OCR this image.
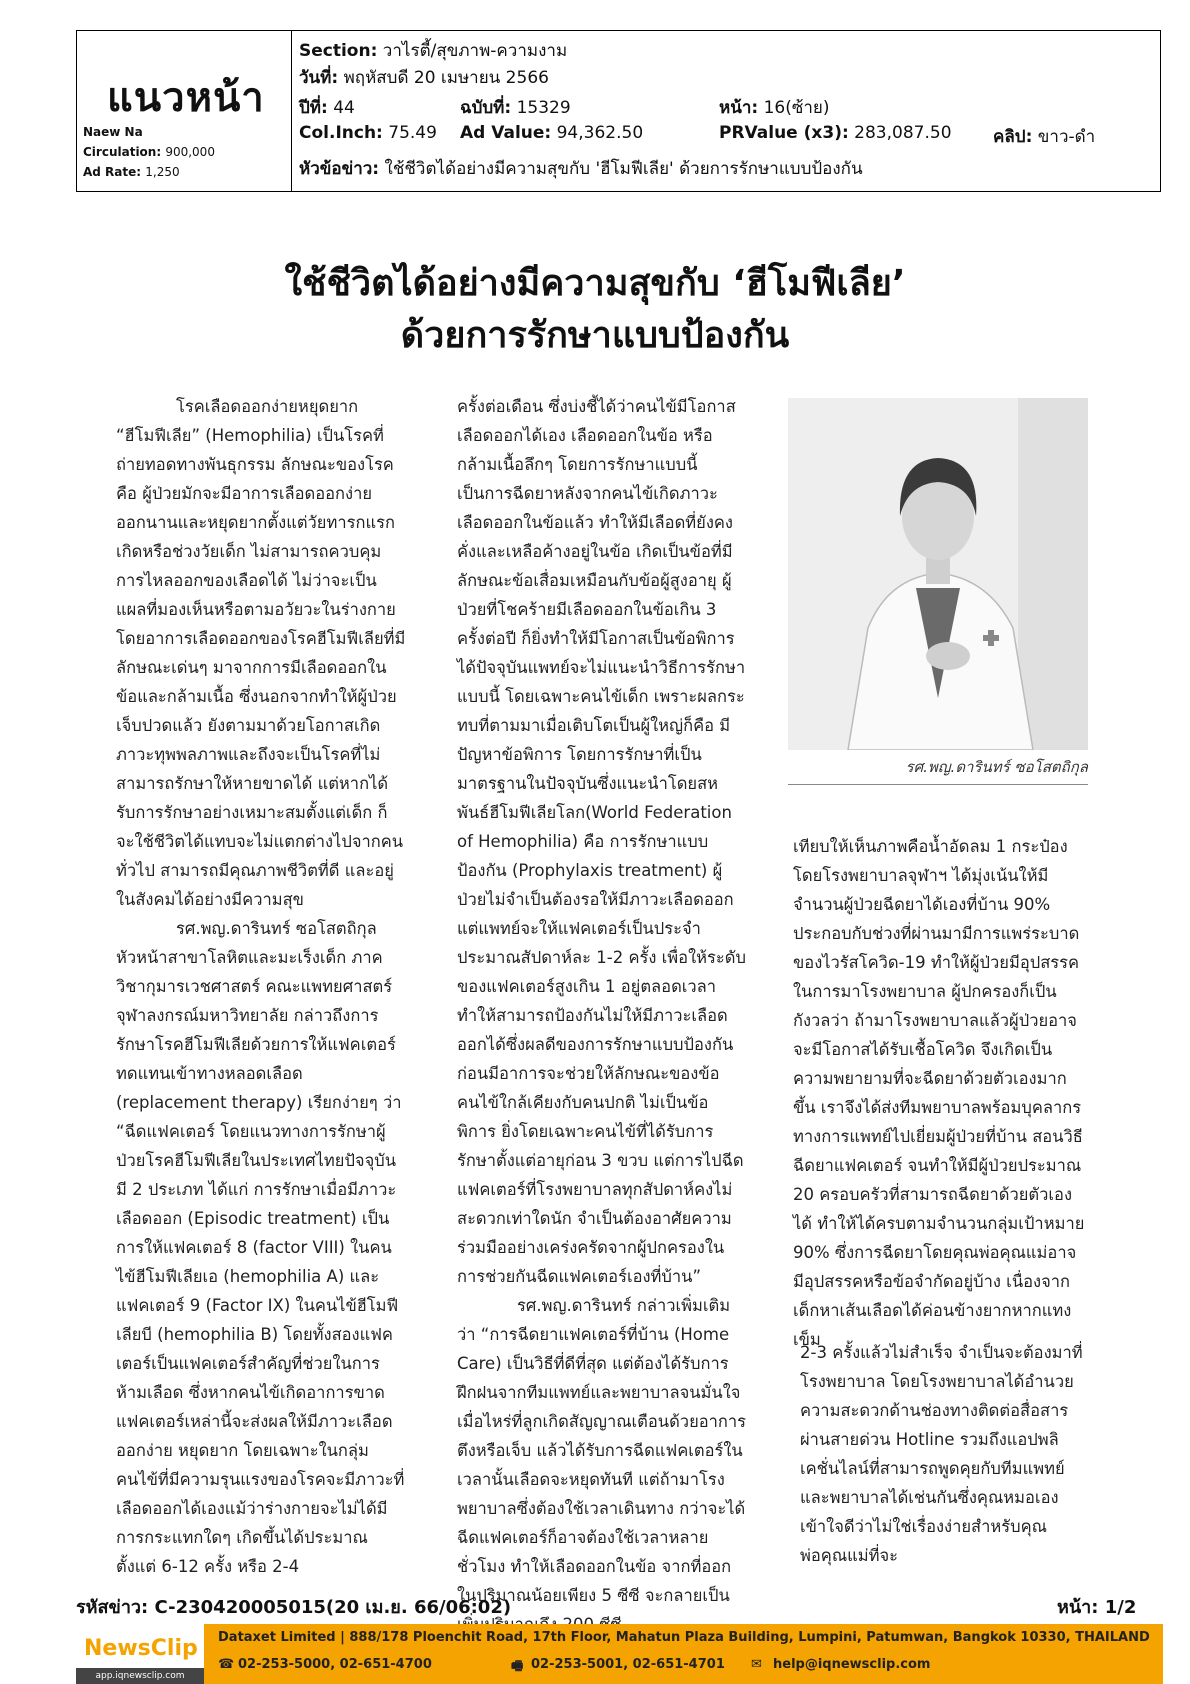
แนวหน้า
Naew Na
Circulation: 900,000
Ad Rate: 1,250
Section: วาไรตี้/สุขภาพ-ความงาม
วันที่: พฤหัสบดี 20 เมษายน 2566
ปีที่: 44	ฉบับที่: 15329	หน้า: 16(ซ้าย)
Col.Inch: 75.49 Ad Value: 94,362.50	PRValue (x3): 283,087.50 คลิป: ขาว-ดำ
หัวข้อข่าว: ใช้ชีวิตได้อย่างมีความสุขกับ 'ฮีโมฟีเลีย' ด้วยการรักษาแบบป้องกัน
ใช้ชีวิตได้อย่างมีความสุขกับ ‘ฮีโมฟีเลีย’
ด้วยการรักษาแบบป้องกัน

โรคเลือดออกง่ายหยุดยาก

“ฮีโมฟีเลีย” (Hemophilia) เป็นโรคที่ถ่ายทอดทางพันธุกรรม ลักษณะของโรคคือ ผู้ป่วยมักจะมีอาการเลือดออกง่าย ออกนานและหยุดยากตั้งแต่วัยทารกแรกเกิดหรือช่วงวัยเด็ก ไม่สามารถควบคุมการไหลออกของเลือดได้ ไม่ว่าจะเป็นแผลที่มองเห็นหรือตามอวัยวะในร่างกาย โดยอาการเลือดออกของโรคฮีโมฟีเลียที่มีลักษณะเด่นๆ มาจากการมีเลือดออกในข้อและกล้ามเนื้อ ซึ่งนอกจากทำให้ผู้ป่วยเจ็บปวดแล้ว ยังตามมาด้วยโอกาสเกิดภาวะทุพพลภาพและถึงจะเป็นโรคที่ไม่สามารถรักษาให้หายขาดได้ แต่หากได้รับการรักษาอย่างเหมาะสมตั้งแต่เด็ก ก็จะใช้ชีวิตได้แทบจะไม่แตกต่างไปจากคนทั่วไป สามารถมีคุณภาพชีวิตที่ดี และอยู่ในสังคมได้อย่างมีความสุข

รศ.พญ.ดารินทร์ ซอโสตถิกุล หัวหน้าสาขาโลหิตและมะเร็งเด็ก ภาควิชากุมารเวชศาสตร์ คณะแพทยศาสตร์ จุฬาลงกรณ์มหาวิทยาลัย กล่าวถึงการรักษาโรคฮีโมฟีเลียด้วยการให้แฟคเตอร์ทดแทนเข้าทางหลอดเลือด (replacement therapy) เรียกง่ายๆ ว่า “ฉีดแฟคเตอร์ โดยแนวทางการรักษาผู้ป่วยโรคฮีโมฟีเลียในประเทศไทยปัจจุบันมี 2 ประเภท ได้แก่ การรักษาเมื่อมีภาวะเลือดออก (Episodic treatment) เป็นการให้แฟคเตอร์ 8 (factor VIII) ในคนไข้ฮีโมฟีเลียเอ (hemophilia A) และแฟคเตอร์ 9 (Factor IX) ในคนไข้ฮีโมฟีเลียบี (hemophilia B) โดยทั้งสองแฟคเตอร์เป็นแฟคเตอร์สำคัญที่ช่วยในการห้ามเลือด ซึ่งหากคนไข้เกิดอาการขาดแฟคเตอร์เหล่านี้จะส่งผลให้มีภาวะเลือดออกง่าย หยุดยาก โดยเฉพาะในกลุ่มคนไข้ที่มีความรุนแรงของโรคจะมีภาวะที่เลือดออกได้เองแม้ว่าร่างกายจะไม่ได้มีการกระแทกใดๆ เกิดขึ้นได้ประมาณตั้งแต่ 6-12 ครั้ง หรือ 2-4

ครั้งต่อเดือน ซึ่งบ่งชี้ได้ว่าคนไข้มีโอกาสเลือดออกได้เอง เลือดออกในข้อ หรือกล้ามเนื้อลึกๆ โดยการรักษาแบบนี้เป็นการฉีดยาหลังจากคนไข้เกิดภาวะเลือดออกในข้อแล้ว ทำให้มีเลือดที่ยังคงคั่งและเหลือค้างอยู่ในข้อ เกิดเป็นข้อที่มีลักษณะข้อเสื่อมเหมือนกับข้อผู้สูงอายุ ผู้ป่วยที่โชคร้ายมีเลือดออกในข้อเกิน 3 ครั้งต่อปี ก็ยิ่งทำให้มีโอกาสเป็นข้อพิการได้ปัจจุบันแพทย์จะไม่แนะนำวิธีการรักษาแบบนี้ โดยเฉพาะคนไข้เด็ก เพราะผลกระทบที่ตามมาเมื่อเติบโตเป็นผู้ใหญ่ก็คือ มีปัญหาข้อพิการ โดยการรักษาที่เป็นมาตรฐานในปัจจุบันซึ่งแนะนำโดยสหพันธ์ฮีโมฟีเลียโลก(World Federation of Hemophilia) คือ การรักษาแบบป้องกัน (Prophylaxis treatment) ผู้ป่วยไม่จำเป็นต้องรอให้มีภาวะเลือดออก แต่แพทย์จะให้แฟคเตอร์เป็นประจำ ประมาณสัปดาห์ละ 1-2 ครั้ง เพื่อให้ระดับของแฟคเตอร์สูงเกิน 1 อยู่ตลอดเวลา ทำให้สามารถป้องกันไม่ให้มีภาวะเลือดออกได้ซึ่งผลดีของการรักษาแบบป้องกันก่อนมีอาการจะช่วยให้ลักษณะของข้อคนไข้ใกล้เคียงกับคนปกติ ไม่เป็นข้อพิการ ยิ่งโดยเฉพาะคนไข้ที่ได้รับการรักษาตั้งแต่อายุก่อน 3 ขวบ แต่การไปฉีดแฟคเตอร์ที่โรงพยาบาลทุกสัปดาห์คงไม่สะดวกเท่าใดนัก จำเป็นต้องอาศัยความร่วมมืออย่างเคร่งครัดจากผู้ปกครองในการช่วยกันฉีดแฟคเตอร์เองที่บ้าน”

รศ.พญ.ดารินทร์ กล่าวเพิ่มเติมว่า “การฉีดยาแฟคเตอร์ที่บ้าน (Home Care) เป็นวิธีที่ดีที่สุด แต่ต้องได้รับการฝึกฝนจากทีมแพทย์และพยาบาลจนมั่นใจ เมื่อไหร่ที่ลูกเกิดสัญญาณเตือนด้วยอาการตึงหรือเจ็บ แล้วได้รับการฉีดแฟคเตอร์ในเวลานั้นเลือดจะหยุดทันที แต่ถ้ามาโรงพยาบาลซึ่งต้องใช้เวลาเดินทาง กว่าจะได้ฉีดแฟคเตอร์ก็อาจต้องใช้เวลาหลายชั่วโมง ทำให้เลือดออกในข้อ จากที่ออกในปริมาณน้อยเพียง 5 ซีซี จะกลายเป็น

รศ.พญ.ดารินทร์ ซอโสตถิกุล

เทียบให้เห็นภาพคือน้ำอัดลม 1 กระป๋อง โดยโรงพยาบาลจุฬาฯ ได้มุ่งเน้นให้มีจำนวนผู้ป่วยฉีดยาได้เองที่บ้าน 90% ประกอบกับช่วงที่ผ่านมามีการแพร่ระบาดของไวรัสโควิด-19 ทำให้ผู้ป่วยมีอุปสรรคในการมาโรงพยาบาล ผู้ปกครองก็เป็นกังวลว่า ถ้ามาโรงพยาบาลแล้วผู้ป่วยอาจจะมีโอกาสได้รับเชื้อโควิด จึงเกิดเป็นความพยายามที่จะฉีดยาด้วยตัวเองมากขึ้น เราจึงได้ส่งทีมพยาบาลพร้อมบุคลากรทางการแพทย์ไปเยี่ยมผู้ป่วยที่บ้าน สอนวิธีฉีดยาแฟคเตอร์ จนทำให้มีผู้ป่วยประมาณ 20 ครอบครัวที่สามารถฉีดยาด้วยตัวเองได้ ทำให้ได้ครบตามจำนวนกลุ่มเป้าหมาย 90% ซึ่งการฉีดยาโดยคุณพ่อคุณแม่อาจมีอุปสรรคหรือข้อจำกัดอยู่บ้าง เนื่องจากเด็กหาเส้นเลือดได้ค่อนข้างยากหากแทงเข็ม

2-3 ครั้งแล้วไม่สำเร็จ จำเป็นจะต้องมาที่โรงพยาบาล โดยโรงพยาบาลได้อำนวยความสะดวกด้านช่องทางติดต่อสื่อสารผ่านสายด่วน Hotline รวมถึงแอปพลิเคชั่นไลน์ที่สามารถพูดคุยกับทีมแพทย์และพยาบาลได้เช่นกันซึ่งคุณหมอเองเข้าใจดีว่าไม่ใช่เรื่องง่ายสำหรับคุณพ่อคุณแม่ที่จะ

รหัสข่าว: C-230420005015(20 เม.ย. 66/06:02)	หน้า: 1/2
NewsClip
app.iqnewsclip.com
Dataxet Limited | 888/178 Ploenchit Road, 17th Floor, Mahatun Plaza Building, Lumpini, Patumwan, Bangkok 10330, THAILAND
☎ 02-253-5000, 02-651-4700	🖷 02-253-5001, 02-651-4701 ✉ help@iqnewsclip.com
